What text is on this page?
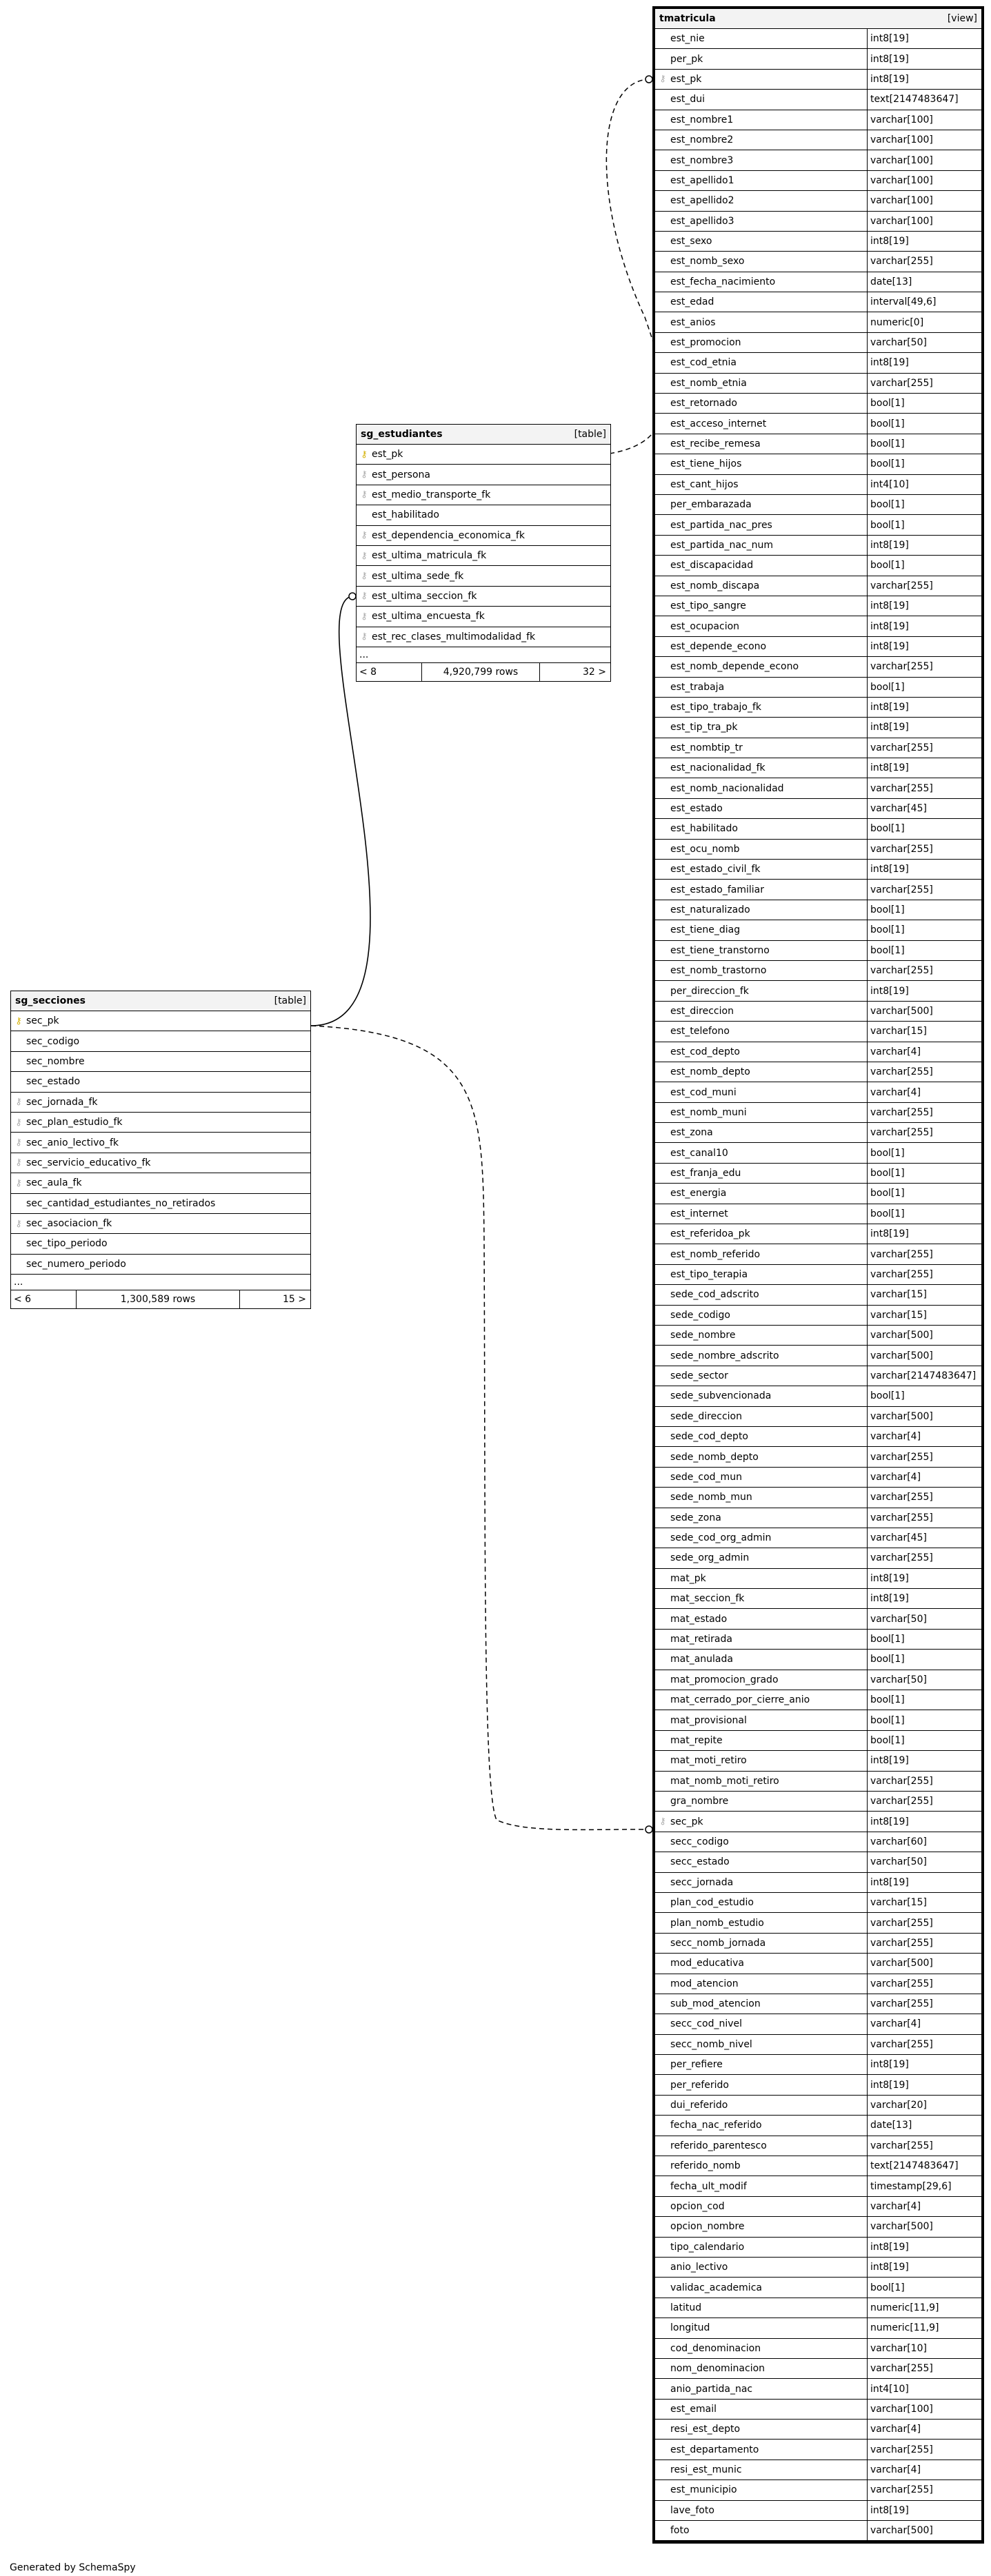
sg_estudiantes	[table]
⚷ est_pk
⚷ est_persona
⚷ est_medio_transporte_fk
est_habilitado
⚷ est_dependencia_economica_fk
⚷ est_ultima_matricula_fk
⚷ est_ultima_sede_fk
⚷ est_ultima_seccion_fk
⚷ est_ultima_encuesta_fk
⚷ est_rec_clases_multimodalidad_fk
...
< 8	4,920,799 rows	32 >
sg_secciones	[table]
⚷ sec_pk
sec_codigo
sec_nombre
sec_estado
⚷ sec_jornada_fk
⚷ sec_plan_estudio_fk
⚷ sec_anio_lectivo_fk
⚷ sec_servicio_educativo_fk
⚷ sec_aula_fk
sec_cantidad_estudiantes_no_retirados
⚷ sec_asociacion_fk
sec_tipo_periodo
sec_numero_periodo
...
< 6	1,300,589 rows	15 >
tmatricula	[view]
est_nie	int8[19]
per_pk	int8[19]
⚷ est_pk	int8[19]
est_dui	text[2147483647]
est_nombre1	varchar[100]
est_nombre2	varchar[100]
est_nombre3	varchar[100]
est_apellido1	varchar[100]
est_apellido2	varchar[100]
est_apellido3	varchar[100]
est_sexo	int8[19]
est_nomb_sexo	varchar[255]
est_fecha_nacimiento	date[13]
est_edad	interval[49,6]
est_anios	numeric[0]
est_promocion	varchar[50]
est_cod_etnia	int8[19]
est_nomb_etnia	varchar[255]
est_retornado	bool[1]
est_acceso_internet	bool[1]
est_recibe_remesa	bool[1]
est_tiene_hijos	bool[1]
est_cant_hijos	int4[10]
per_embarazada	bool[1]
est_partida_nac_pres	bool[1]
est_partida_nac_num	int8[19]
est_discapacidad	bool[1]
est_nomb_discapa	varchar[255]
est_tipo_sangre	int8[19]
est_ocupacion	int8[19]
est_depende_econo	int8[19]
est_nomb_depende_econo	varchar[255]
est_trabaja	bool[1]
est_tipo_trabajo_fk	int8[19]
est_tip_tra_pk	int8[19]
est_nombtip_tr	varchar[255]
est_nacionalidad_fk	int8[19]
est_nomb_nacionalidad	varchar[255]
est_estado	varchar[45]
est_habilitado	bool[1]
est_ocu_nomb	varchar[255]
est_estado_civil_fk	int8[19]
est_estado_familiar	varchar[255]
est_naturalizado	bool[1]
est_tiene_diag	bool[1]
est_tiene_transtorno	bool[1]
est_nomb_trastorno	varchar[255]
per_direccion_fk	int8[19]
est_direccion	varchar[500]
est_telefono	varchar[15]
est_cod_depto	varchar[4]
est_nomb_depto	varchar[255]
est_cod_muni	varchar[4]
est_nomb_muni	varchar[255]
est_zona	varchar[255]
est_canal10	bool[1]
est_franja_edu	bool[1]
est_energia	bool[1]
est_internet	bool[1]
est_referidoa_pk	int8[19]
est_nomb_referido	varchar[255]
est_tipo_terapia	varchar[255]
sede_cod_adscrito	varchar[15]
sede_codigo	varchar[15]
sede_nombre	varchar[500]
sede_nombre_adscrito	varchar[500]
sede_sector	varchar[2147483647]
sede_subvencionada	bool[1]
sede_direccion	varchar[500]
sede_cod_depto	varchar[4]
sede_nomb_depto	varchar[255]
sede_cod_mun	varchar[4]
sede_nomb_mun	varchar[255]
sede_zona	varchar[255]
sede_cod_org_admin	varchar[45]
sede_org_admin	varchar[255]
mat_pk	int8[19]
mat_seccion_fk	int8[19]
mat_estado	varchar[50]
mat_retirada	bool[1]
mat_anulada	bool[1]
mat_promocion_grado	varchar[50]
mat_cerrado_por_cierre_anio	bool[1]
mat_provisional	bool[1]
mat_repite	bool[1]
mat_moti_retiro	int8[19]
mat_nomb_moti_retiro	varchar[255]
gra_nombre	varchar[255]
⚷ sec_pk	int8[19]
secc_codigo	varchar[60]
secc_estado	varchar[50]
secc_jornada	int8[19]
plan_cod_estudio	varchar[15]
plan_nomb_estudio	varchar[255]
secc_nomb_jornada	varchar[255]
mod_educativa	varchar[500]
mod_atencion	varchar[255]
sub_mod_atencion	varchar[255]
secc_cod_nivel	varchar[4]
secc_nomb_nivel	varchar[255]
per_refiere	int8[19]
per_referido	int8[19]
dui_referido	varchar[20]
fecha_nac_referido	date[13]
referido_parentesco	varchar[255]
referido_nomb	text[2147483647]
fecha_ult_modif	timestamp[29,6]
opcion_cod	varchar[4]
opcion_nombre	varchar[500]
tipo_calendario	int8[19]
anio_lectivo	int8[19]
validac_academica	bool[1]
latitud	numeric[11,9]
longitud	numeric[11,9]
cod_denominacion	varchar[10]
nom_denominacion	varchar[255]
anio_partida_nac	int4[10]
est_email	varchar[100]
resi_est_depto	varchar[4]
est_departamento	varchar[255]
resi_est_munic	varchar[4]
est_municipio	varchar[255]
lave_foto	int8[19]
foto	varchar[500]
Generated by SchemaSpy
